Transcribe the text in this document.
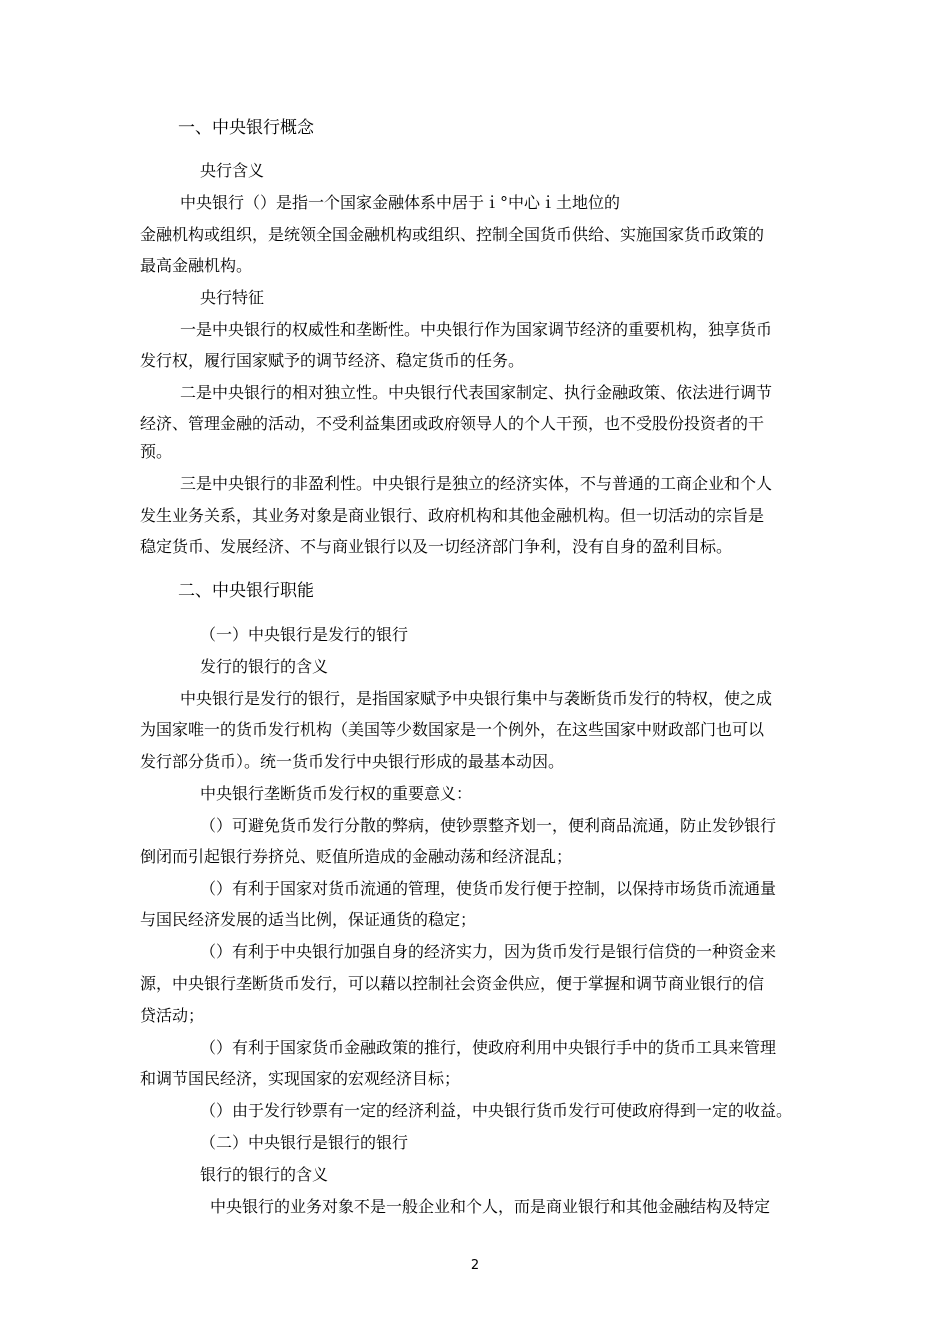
一、中央银行概念
央行含义
中央银行（）是指一个国家金融体系中居于ｉ°中心ｉ土地位的
金融机构或组织，是统领全国金融机构或组织、控制全国货币供给、实施国家货币政策的
最高金融机构。
央行特征
一是中央银行的权威性和垄断性。中央银行作为国家调节经济的重要机构，独享货币
发行权，履行国家赋予的调节经济、稳定货币的任务。
二是中央银行的相对独立性。中央银行代表国家制定、执行金融政策、依法进行调节
经济、管理金融的活动，不受利益集团或政府领导人的个人干预，也不受股份投资者的干
预。
三是中央银行的非盈利性。中央银行是独立的经济实体，不与普通的工商企业和个人
发生业务关系，其业务对象是商业银行、政府机构和其他金融机构。但一切活动的宗旨是
稳定货币、发展经济、不与商业银行以及一切经济部门争利，没有自身的盈利目标。
二、中央银行职能
（一）中央银行是发行的银行
发行的银行的含义
中央银行是发行的银行，是指国家赋予中央银行集中与袭断货币发行的特权，使之成
为国家唯一的货币发行机构（美国等少数国家是一个例外，在这些国家中财政部门也可以
发行部分货币）。统一货币发行中央银行形成的最基本动因。
中央银行垄断货币发行权的重要意义：
（）可避免货币发行分散的弊病，使钞票整齐划一，便利商品流通，防止发钞银行
倒闭而引起银行券挤兑、贬值所造成的金融动荡和经济混乱；
（）有利于国家对货币流通的管理，使货币发行便于控制，以保持市场货币流通量
与国民经济发展的适当比例，保证通货的稳定；
（）有利于中央银行加强自身的经济实力，因为货币发行是银行信贷的一种资金来
源，中央银行垄断货币发行，可以藉以控制社会资金供应，便于掌握和调节商业银行的信
贷活动；
（）有利于国家货币金融政策的推行，使政府利用中央银行手中的货币工具来管理
和调节国民经济，实现国家的宏观经济目标；
（）由于发行钞票有一定的经济利益，中央银行货币发行可使政府得到一定的收益。
（二）中央银行是银行的银行
银行的银行的含义
中央银行的业务对象不是一般企业和个人，而是商业银行和其他金融结构及特定
2
